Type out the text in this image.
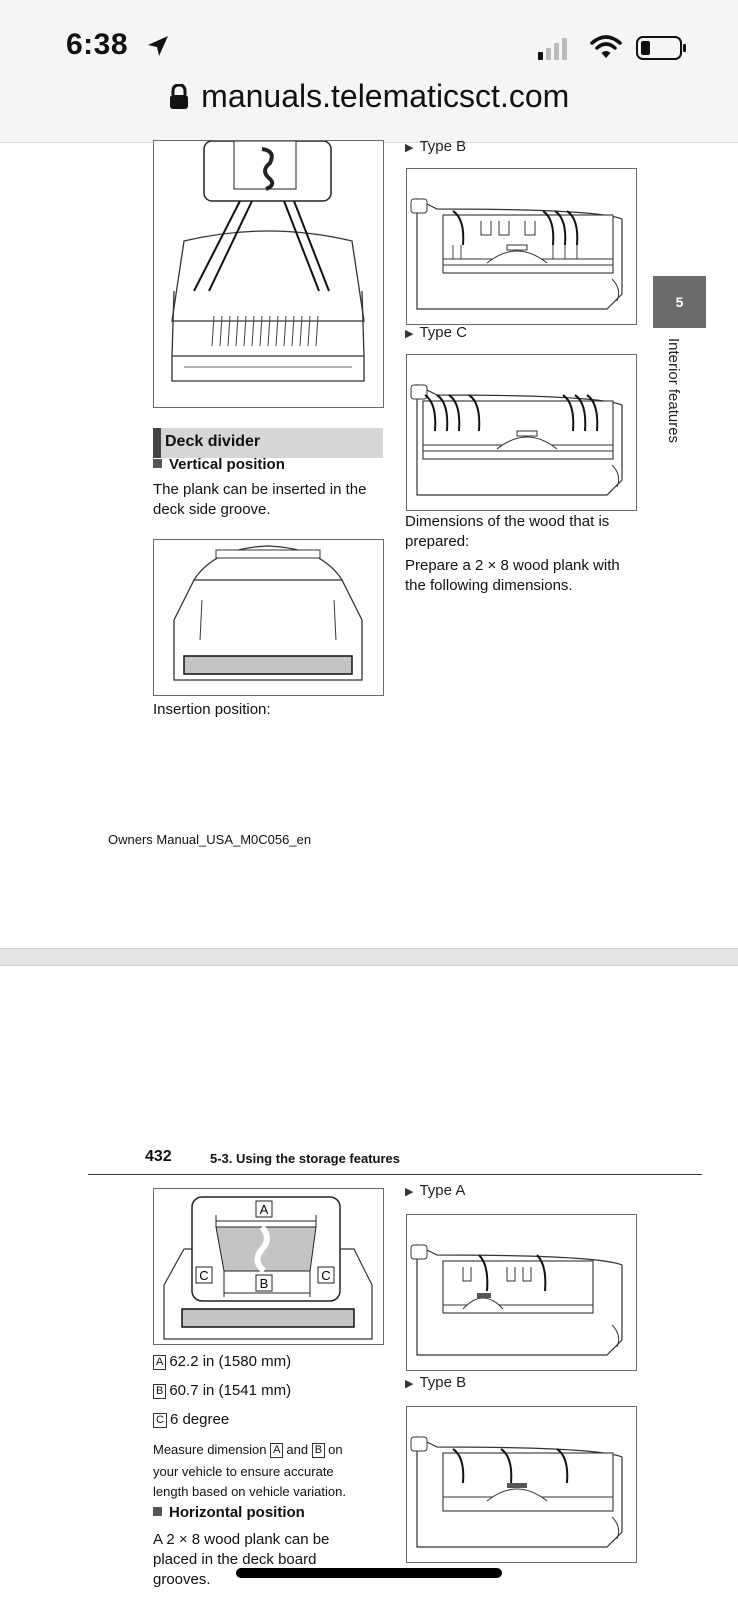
6:38
manuals.telematicsct.com
Deck divider
Vertical position
The plank can be inserted in the
deck side groove.
Insertion position:
▶ Type B
▶ Type C
Dimensions of the wood that is
prepared:
Prepare a 2 × 8 wood plank with
the following dimensions.
5
Interior features
Owners Manual_USA_M0C056_en
432	5-3. Using the storage features
A
B
C	C
A 62.2 in (1580 mm)
B 60.7 in (1541 mm)
C 6 degree
Measure dimension A and B on
your vehicle to ensure accurate
length based on vehicle variation.
Horizontal position
A 2 × 8 wood plank can be
placed in the deck board
grooves.
▶ Type A
▶ Type B
